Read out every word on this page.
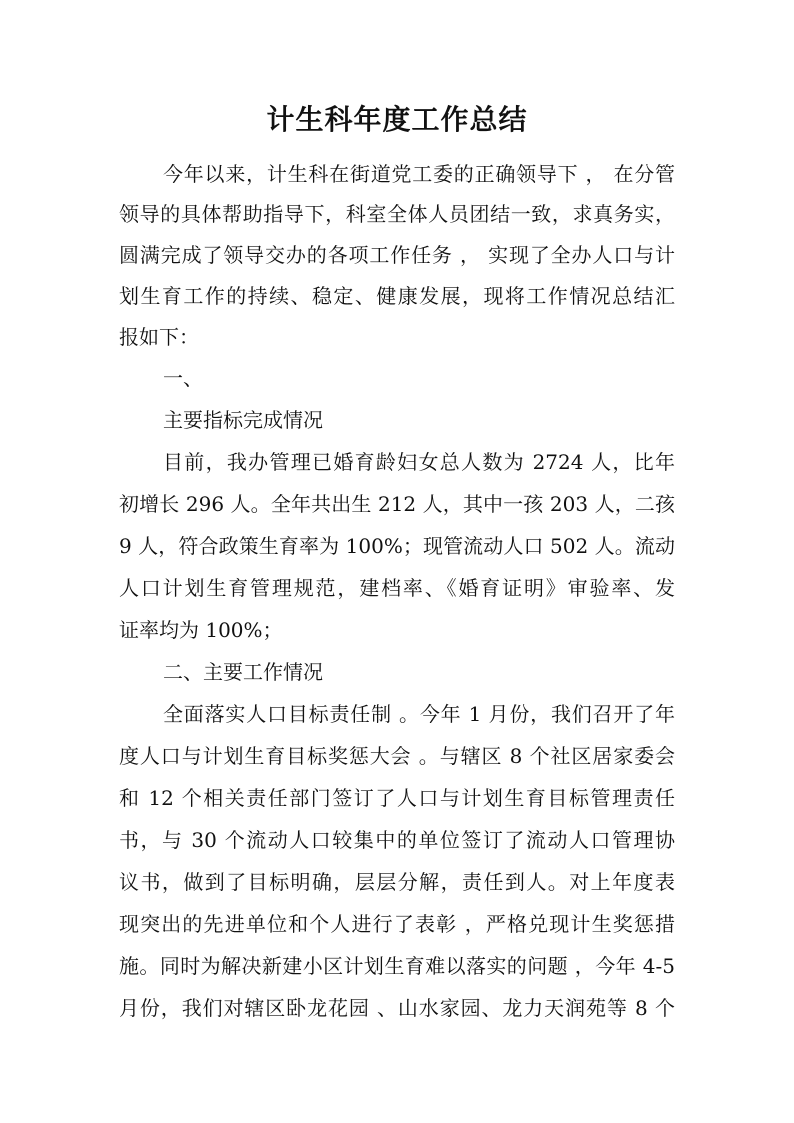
计生科年度工作总结
今年以来，计生科在街道党工委的正确领导下 ， 在分管
领导的具体帮助指导下，科室全体人员团结一致，求真务实，
圆满完成了领导交办的各项工作任务 ， 实现了全办人口与计
划生育工作的持续、稳定、健康发展，现将工作情况总结汇
报如下：
一、
主要指标完成情况
目前，我办管理已婚育龄妇女总人数为 2724 人，比年
初增长 296 人。全年共出生 212 人，其中一孩 203 人，二孩
9 人，符合政策生育率为 100%；现管流动人口 502 人。流动
人口计划生育管理规范，建档率、《婚育证明》审验率、发
证率均为 100%；
二、主要工作情况
全面落实人口目标责任制 。今年 1 月份，我们召开了年
度人口与计划生育目标奖惩大会 。与辖区 8 个社区居家委会
和 12 个相关责任部门签订了人口与计划生育目标管理责任
书，与 30 个流动人口较集中的单位签订了流动人口管理协
议书，做到了目标明确，层层分解，责任到人。对上年度表
现突出的先进单位和个人进行了表彰 ，严格兑现计生奖惩措
施。同时为解决新建小区计划生育难以落实的问题 ，今年 4-5
月份，我们对辖区卧龙花园 、山水家园、龙力天润苑等 8 个
